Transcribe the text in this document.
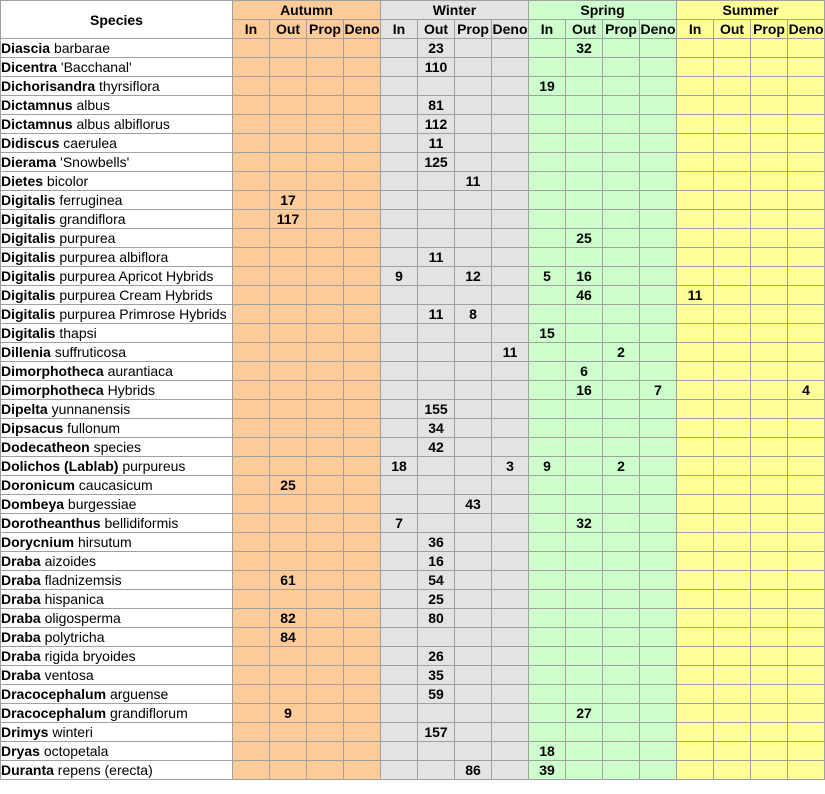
Species	Autumn				Winter				Spring				Summer			
	In	Out	Prop	Deno	In	Out	Prop	Deno	In	Out	Prop	Deno	In	Out	Prop	Deno
Diascia barbarae						23				32						
Dicentra 'Bacchanal'						110										
Dichorisandra thyrsiflora									19							
Dictamnus albus						81										
Dictamnus albus albiflorus						112										
Didiscus caerulea						11										
Dierama 'Snowbells'						125										
Dietes bicolor							11									
Digitalis ferruginea		17														
Digitalis grandiflora		117														
Digitalis purpurea										25						
Digitalis purpurea albiflora						11										
Digitalis purpurea Apricot Hybrids					9		12		5	16						
Digitalis purpurea Cream Hybrids										46			11			
Digitalis purpurea Primrose Hybrids						11	8									
Digitalis thapsi									15							
Dillenia suffruticosa								11			2					
Dimorphotheca aurantiaca										6						
Dimorphotheca Hybrids										16		7				4
Dipelta yunnanensis						155										
Dipsacus fullonum						34										
Dodecatheon species						42										
Dolichos (Lablab) purpureus					18			3	9		2					
Doronicum caucasicum		25														
Dombeya burgessiae							43									
Dorotheanthus bellidiformis					7					32						
Dorycnium hirsutum						36										
Draba aizoides						16										
Draba fladnizemsis		61				54										
Draba hispanica						25										
Draba oligosperma		82				80										
Draba polytricha		84														
Draba rigida bryoides						26										
Draba ventosa						35										
Dracocephalum arguense						59										
Dracocephalum grandiflorum		9								27						
Drimys winteri						157										
Dryas octopetala									18							
Duranta repens (erecta)							86		39							
